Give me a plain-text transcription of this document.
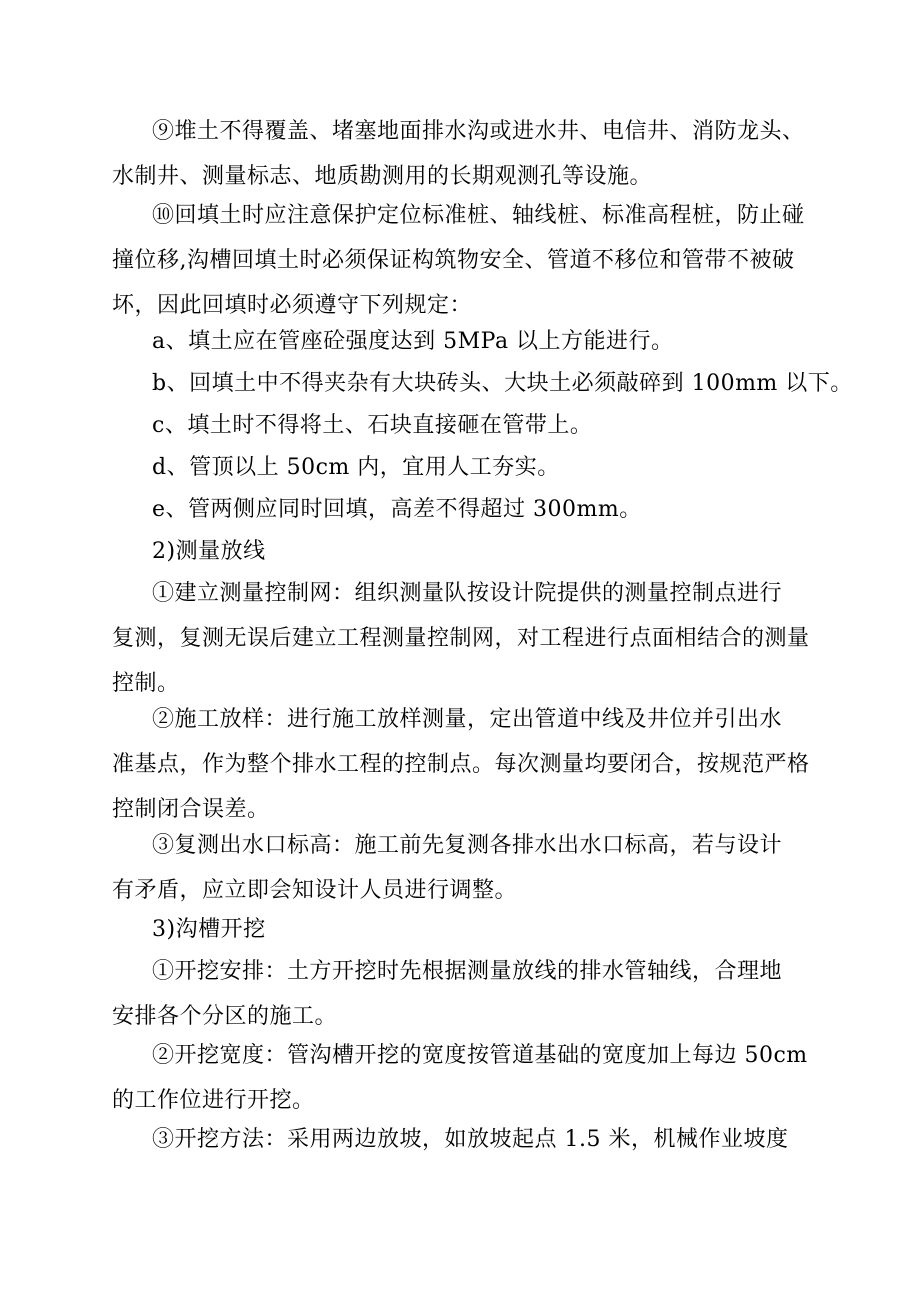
⑨堆土不得覆盖、堵塞地面排水沟或进水井、电信井、消防龙头、
水制井、测量标志、地质勘测用的长期观测孔等设施。
⑩回填土时应注意保护定位标准桩、轴线桩、标准高程桩，防止碰
撞位移,沟槽回填土时必须保证构筑物安全、管道不移位和管带不被破
坏，因此回填时必须遵守下列规定：
a、填土应在管座砼强度达到 5MPa 以上方能进行。
b、回填土中不得夹杂有大块砖头、大块土必须敲碎到 100mm 以下。
c、填土时不得将土、石块直接砸在管带上。
d、管顶以上 50cm 内，宜用人工夯实。
e、管两侧应同时回填，高差不得超过 300mm。
2)测量放线
①建立测量控制网：组织测量队按设计院提供的测量控制点进行
复测，复测无误后建立工程测量控制网，对工程进行点面相结合的测量
控制。
②施工放样：进行施工放样测量，定出管道中线及井位并引出水
准基点，作为整个排水工程的控制点。每次测量均要闭合，按规范严格
控制闭合误差。
③复测出水口标高：施工前先复测各排水出水口标高，若与设计
有矛盾，应立即会知设计人员进行调整。
3)沟槽开挖
①开挖安排：土方开挖时先根据测量放线的排水管轴线，合理地
安排各个分区的施工。
②开挖宽度：管沟槽开挖的宽度按管道基础的宽度加上每边 50cm
的工作位进行开挖。
③开挖方法：采用两边放坡，如放坡起点 1.5 米，机械作业坡度
